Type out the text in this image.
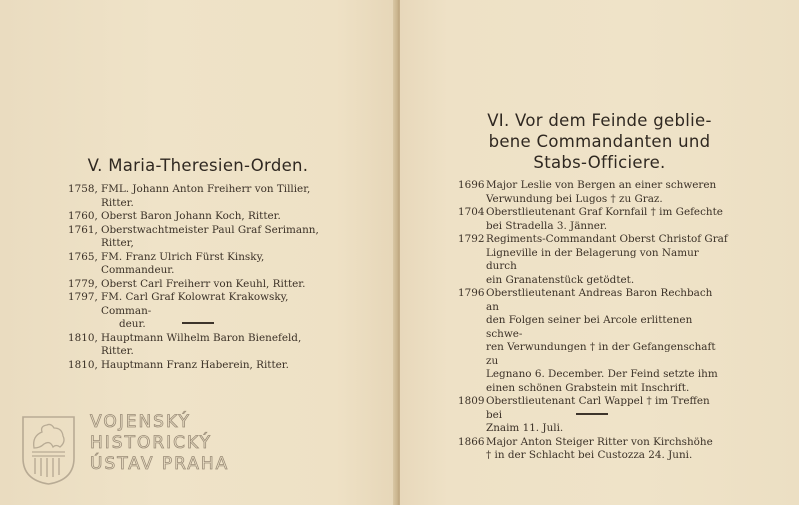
V. Maria-Theresien-Orden.
1758, FML. Johann Anton Freiherr von Tillier, Ritter.
1760, Oberst Baron Johann Koch, Ritter.
1761, Oberstwachtmeister Paul Graf Serimann, Ritter,
1765, FM. Franz Ulrich Fürst Kinsky, Commandeur.
1779, Oberst Carl Freiherr von Keuhl, Ritter.
1797, FM. Carl Graf Kolowrat Krakowsky, Comman-
deur.
1810, Hauptmann Wilhelm Baron Bienefeld, Ritter.
1810, Hauptmann Franz Haberein, Ritter.
VOJENSKÝ
HISTORICKÝ
ÚSTAV PRAHA
VI. Vor dem Feinde geblie-
bene Commandanten und
Stabs-Officiere.
1696 Major Leslie von Bergen an einer schweren
Verwundung bei Lugos † zu Graz.
1704 Oberstlieutenant Graf Kornfail † im Gefechte
bei Stradella 3. Jänner.
1792 Regiments-Commandant Oberst Christof Graf
Ligneville in der Belagerung von Namur durch
ein Granatenstück getödtet.
1796 Oberstlieutenant Andreas Baron Rechbach an
den Folgen seiner bei Arcole erlittenen schwe-
ren Verwundungen † in der Gefangenschaft zu
Legnano 6. December. Der Feind setzte ihm
einen schönen Grabstein mit Inschrift.
1809 Oberstlieutenant Carl Wappel † im Treffen bei
Znaim 11. Juli.
1866 Major Anton Steiger Ritter von Kirchshöhe
† in der Schlacht bei Custozza 24. Juni.
